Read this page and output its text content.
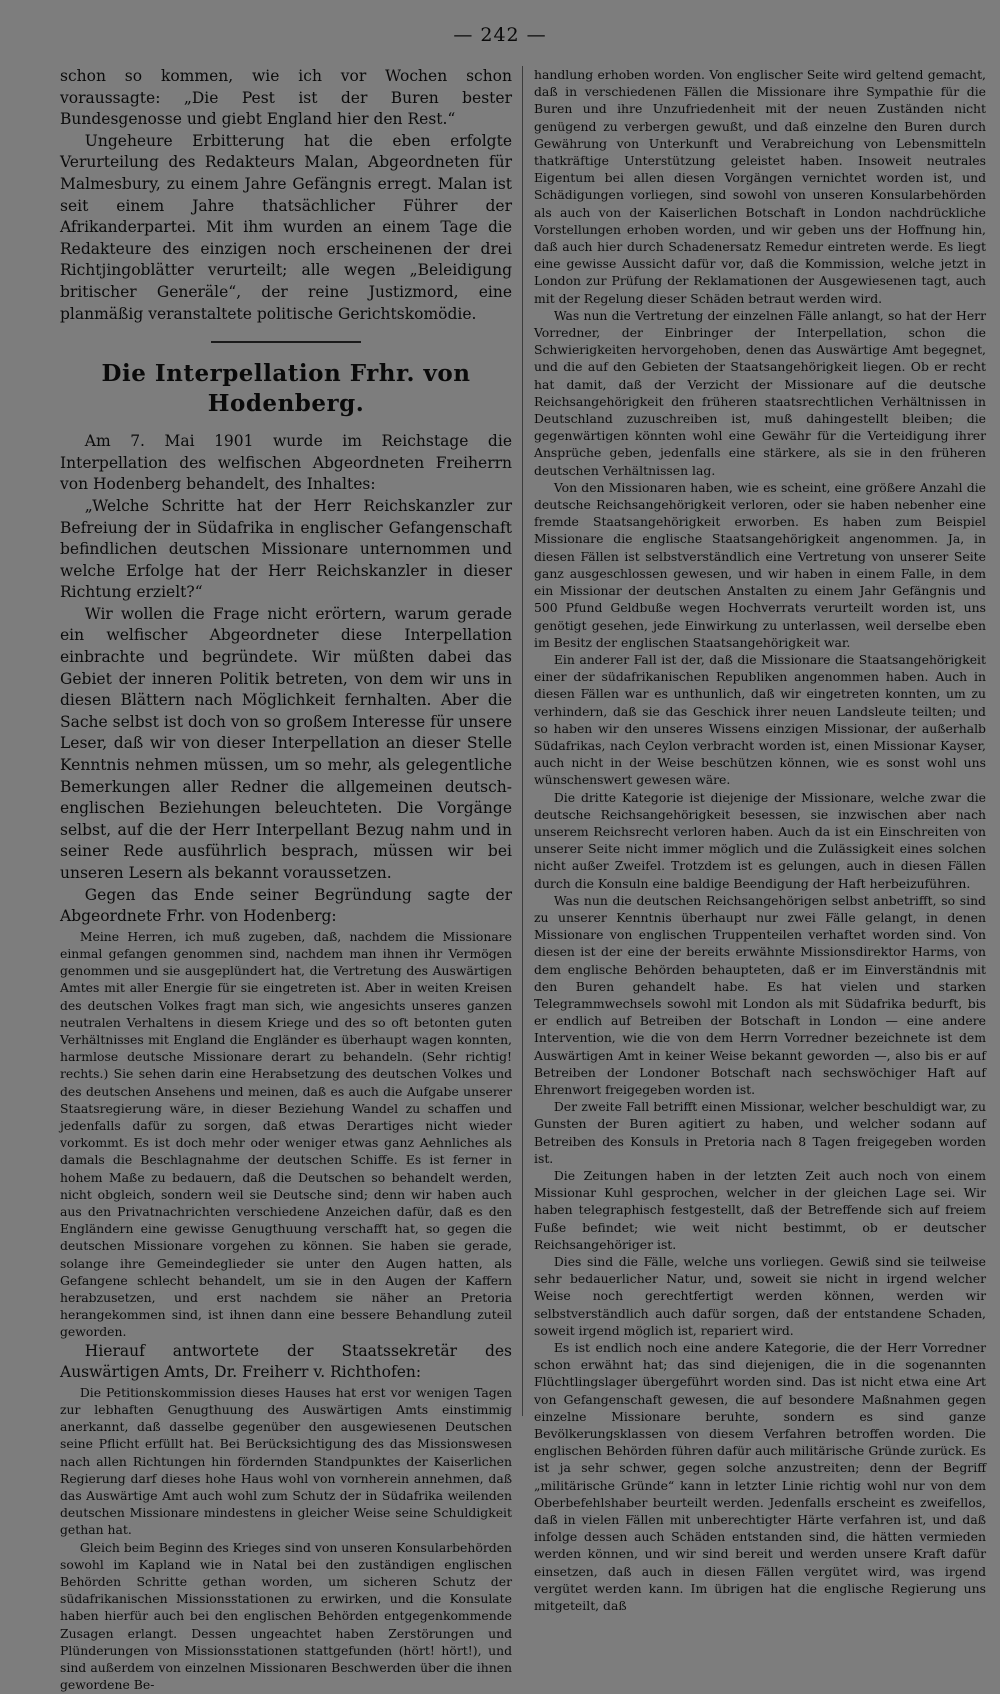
— 242 —

schon so kommen, wie ich vor Wochen schon voraussagte: „Die Pest ist der Buren bester Bundesgenosse und giebt England hier den Rest.“

Ungeheure Erbitterung hat die eben erfolgte Verurteilung des Redakteurs Malan, Abgeordneten für Malmesbury, zu einem Jahre Gefängnis erregt. Malan ist seit einem Jahre thatsächlicher Führer der Afrikanderpartei. Mit ihm wurden an einem Tage die Redakteure des einzigen noch erscheinenen der drei Richtjingoblätter verurteilt; alle wegen „Beleidigung britischer Generäle“, der reine Justizmord, eine planmäßig veranstaltete politische Gerichtskomödie.

Die Interpellation Frhr. von Hodenberg.

Am 7. Mai 1901 wurde im Reichstage die Interpellation des welfischen Abgeordneten Freiherrn von Hodenberg behandelt, des Inhaltes:

„Welche Schritte hat der Herr Reichskanzler zur Befreiung der in Südafrika in englischer Gefangenschaft befindlichen deutschen Missionare unternommen und welche Erfolge hat der Herr Reichskanzler in dieser Richtung erzielt?“

Wir wollen die Frage nicht erörtern, warum gerade ein welfischer Abgeordneter diese Interpellation einbrachte und begründete. Wir müßten dabei das Gebiet der inneren Politik betreten, von dem wir uns in diesen Blättern nach Möglichkeit fernhalten. Aber die Sache selbst ist doch von so großem Interesse für unsere Leser, daß wir von dieser Interpellation an dieser Stelle Kenntnis nehmen müssen, um so mehr, als gelegentliche Bemerkungen aller Redner die allgemeinen deutsch-englischen Beziehungen beleuchteten. Die Vorgänge selbst, auf die der Herr Interpellant Bezug nahm und in seiner Rede ausführlich besprach, müssen wir bei unseren Lesern als bekannt voraussetzen.

Gegen das Ende seiner Begründung sagte der Abgeordnete Frhr. von Hodenberg:

Meine Herren, ich muß zugeben, daß, nachdem die Missionare einmal gefangen genommen sind, nachdem man ihnen ihr Vermögen genommen und sie ausgeplündert hat, die Vertretung des Auswärtigen Amtes mit aller Energie für sie eingetreten ist. Aber in weiten Kreisen des deutschen Volkes fragt man sich, wie angesichts unseres ganzen neutralen Verhaltens in diesem Kriege und des so oft betonten guten Verhältnisses mit England die Engländer es überhaupt wagen konnten, harmlose deutsche Missionare derart zu behandeln. (Sehr richtig! rechts.) Sie sehen darin eine Herabsetzung des deutschen Volkes und des deutschen Ansehens und meinen, daß es auch die Aufgabe unserer Staatsregierung wäre, in dieser Beziehung Wandel zu schaffen und jedenfalls dafür zu sorgen, daß etwas Derartiges nicht wieder vorkommt. Es ist doch mehr oder weniger etwas ganz Aehnliches als damals die Beschlagnahme der deutschen Schiffe. Es ist ferner in hohem Maße zu bedauern, daß die Deutschen so behandelt werden, nicht obgleich, sondern weil sie Deutsche sind; denn wir haben auch aus den Privatnachrichten verschiedene Anzeichen dafür, daß es den Engländern eine gewisse Genugthuung verschafft hat, so gegen die deutschen Missionare vorgehen zu können. Sie haben sie gerade, solange ihre Gemeindeglieder sie unter den Augen hatten, als Gefangene schlecht behandelt, um sie in den Augen der Kaffern herabzusetzen, und erst nachdem sie näher an Pretoria herangekommen sind, ist ihnen dann eine bessere Behandlung zuteil geworden.

Hierauf antwortete der Staatssekretär des Auswärtigen Amts, Dr. Freiherr v. Richthofen:

Die Petitionskommission dieses Hauses hat erst vor wenigen Tagen zur lebhaften Genugthuung des Auswärtigen Amts einstimmig anerkannt, daß dasselbe gegenüber den ausgewiesenen Deutschen seine Pflicht erfüllt hat. Bei Berücksichtigung des das Missionswesen nach allen Richtungen hin fördernden Standpunktes der Kaiserlichen Regierung darf dieses hohe Haus wohl von vornherein annehmen, daß das Auswärtige Amt auch wohl zum Schutz der in Südafrika weilenden deutschen Missionare mindestens in gleicher Weise seine Schuldigkeit gethan hat.

Gleich beim Beginn des Krieges sind von unseren Konsularbehörden sowohl im Kapland wie in Natal bei den zuständigen englischen Behörden Schritte gethan worden, um sicheren Schutz der südafrikanischen Missionsstationen zu erwirken, und die Konsulate haben hierfür auch bei den englischen Behörden entgegenkommende Zusagen erlangt. Dessen ungeachtet haben Zerstörungen und Plünderungen von Missionsstationen stattgefunden (hört! hört!), und sind außerdem von einzelnen Missionaren Beschwerden über die ihnen gewordene Be-

handlung erhoben worden. Von englischer Seite wird geltend gemacht, daß in verschiedenen Fällen die Missionare ihre Sympathie für die Buren und ihre Unzufriedenheit mit der neuen Zuständen nicht genügend zu verbergen gewußt, und daß einzelne den Buren durch Gewährung von Unterkunft und Verabreichung von Lebensmitteln thatkräftige Unterstützung geleistet haben. Insoweit neutrales Eigentum bei allen diesen Vorgängen vernichtet worden ist, und Schädigungen vorliegen, sind sowohl von unseren Konsularbehörden als auch von der Kaiserlichen Botschaft in London nachdrückliche Vorstellungen erhoben worden, und wir geben uns der Hoffnung hin, daß auch hier durch Schadenersatz Remedur eintreten werde. Es liegt eine gewisse Aussicht dafür vor, daß die Kommission, welche jetzt in London zur Prüfung der Reklamationen der Ausgewiesenen tagt, auch mit der Regelung dieser Schäden betraut werden wird.

Was nun die Vertretung der einzelnen Fälle anlangt, so hat der Herr Vorredner, der Einbringer der Interpellation, schon die Schwierigkeiten hervorgehoben, denen das Auswärtige Amt begegnet, und die auf den Gebieten der Staatsangehörigkeit liegen. Ob er recht hat damit, daß der Verzicht der Missionare auf die deutsche Reichsangehörigkeit den früheren staatsrechtlichen Verhältnissen in Deutschland zuzuschreiben ist, muß dahingestellt bleiben; die gegenwärtigen könnten wohl eine Gewähr für die Verteidigung ihrer Ansprüche geben, jedenfalls eine stärkere, als sie in den früheren deutschen Verhältnissen lag.

Von den Missionaren haben, wie es scheint, eine größere Anzahl die deutsche Reichsangehörigkeit verloren, oder sie haben nebenher eine fremde Staatsangehörigkeit erworben. Es haben zum Beispiel Missionare die englische Staatsangehörigkeit angenommen. Ja, in diesen Fällen ist selbstverständlich eine Vertretung von unserer Seite ganz ausgeschlossen gewesen, und wir haben in einem Falle, in dem ein Missionar der deutschen Anstalten zu einem Jahr Gefängnis und 500 Pfund Geldbuße wegen Hochverrats verurteilt worden ist, uns genötigt gesehen, jede Einwirkung zu unterlassen, weil derselbe eben im Besitz der englischen Staatsangehörigkeit war.

Ein anderer Fall ist der, daß die Missionare die Staatsangehörigkeit einer der südafrikanischen Republiken angenommen haben. Auch in diesen Fällen war es unthunlich, daß wir eingetreten konnten, um zu verhindern, daß sie das Geschick ihrer neuen Landsleute teilten; und so haben wir den unseres Wissens einzigen Missionar, der außerhalb Südafrikas, nach Ceylon verbracht worden ist, einen Missionar Kayser, auch nicht in der Weise beschützen können, wie es sonst wohl uns wünschenswert gewesen wäre.

Die dritte Kategorie ist diejenige der Missionare, welche zwar die deutsche Reichsangehörigkeit besessen, sie inzwischen aber nach unserem Reichsrecht verloren haben. Auch da ist ein Einschreiten von unserer Seite nicht immer möglich und die Zulässigkeit eines solchen nicht außer Zweifel. Trotzdem ist es gelungen, auch in diesen Fällen durch die Konsuln eine baldige Beendigung der Haft herbeizuführen.

Was nun die deutschen Reichsangehörigen selbst anbetrifft, so sind zu unserer Kenntnis überhaupt nur zwei Fälle gelangt, in denen Missionare von englischen Truppenteilen verhaftet worden sind. Von diesen ist der eine der bereits erwähnte Missionsdirektor Harms, von dem englische Behörden behaupteten, daß er im Einverständnis mit den Buren gehandelt habe. Es hat vielen und starken Telegrammwechsels sowohl mit London als mit Südafrika bedurft, bis er endlich auf Betreiben der Botschaft in London — eine andere Intervention, wie die von dem Herrn Vorredner bezeichnete ist dem Auswärtigen Amt in keiner Weise bekannt geworden —, also bis er auf Betreiben der Londoner Botschaft nach sechswöchiger Haft auf Ehrenwort freigegeben worden ist.

Der zweite Fall betrifft einen Missionar, welcher beschuldigt war, zu Gunsten der Buren agitiert zu haben, und welcher sodann auf Betreiben des Konsuls in Pretoria nach 8 Tagen freigegeben worden ist.

Die Zeitungen haben in der letzten Zeit auch noch von einem Missionar Kuhl gesprochen, welcher in der gleichen Lage sei. Wir haben telegraphisch festgestellt, daß der Betreffende sich auf freiem Fuße befindet; wie weit nicht bestimmt, ob er deutscher Reichsangehöriger ist.

Dies sind die Fälle, welche uns vorliegen. Gewiß sind sie teilweise sehr bedauerlicher Natur, und, soweit sie nicht in irgend welcher Weise noch gerechtfertigt werden können, werden wir selbstverständlich auch dafür sorgen, daß der entstandene Schaden, soweit irgend möglich ist, repariert wird.

Es ist endlich noch eine andere Kategorie, die der Herr Vorredner schon erwähnt hat; das sind diejenigen, die in die sogenannten Flüchtlingslager übergeführt worden sind. Das ist nicht etwa eine Art von Gefangenschaft gewesen, die auf besondere Maßnahmen gegen einzelne Missionare beruhte, sondern es sind ganze Bevölkerungsklassen von diesem Verfahren betroffen worden. Die englischen Behörden führen dafür auch militärische Gründe zurück. Es ist ja sehr schwer, gegen solche anzustreiten; denn der Begriff „militärische Gründe“ kann in letzter Linie richtig wohl nur von dem Oberbefehlshaber beurteilt werden. Jedenfalls erscheint es zweifellos, daß in vielen Fällen mit unberechtigter Härte verfahren ist, und daß infolge dessen auch Schäden entstanden sind, die hätten vermieden werden können, und wir sind bereit und werden unsere Kraft dafür einsetzen, daß auch in diesen Fällen vergütet wird, was irgend vergütet werden kann. Im übrigen hat die englische Regierung uns mitgeteilt, daß
